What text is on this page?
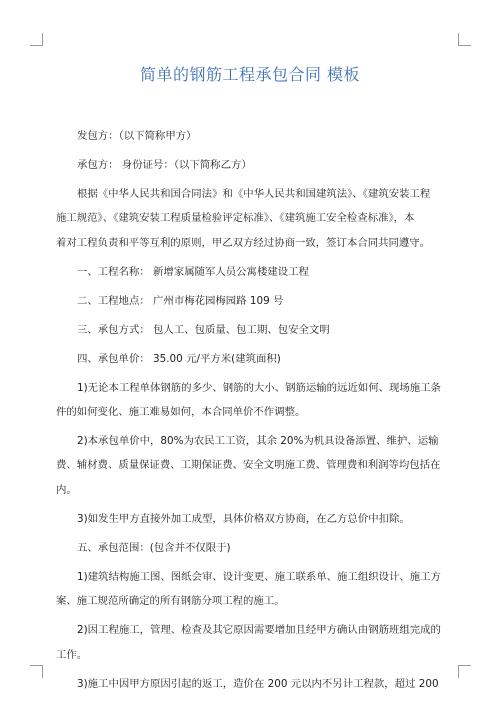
简单的钢筋工程承包合同 模板
发包方：（以下简称甲方）
承包方： 身份证号：（以下简称乙方）
根据《中华人民共和国合同法》和《中华人民共和国建筑法》、《建筑安装工程
施工规范》、《建筑安装工程质量检验评定标准》、《建筑施工安全检查标准》，本
着对工程负责和平等互利的原则，甲乙双方经过协商一致，签订本合同共同遵守。
一、工程名称： 新增家属随军人员公寓楼建设工程
二、工程地点： 广州市梅花园梅园路 109 号
三、承包方式： 包人工、包质量、包工期、包安全文明
四、承包单价： 35.00 元/平方米(建筑面积)
1)无论本工程单体钢筋的多少、钢筋的大小、钢筋运输的远近如何、现场施工条
件的如何变化、施工难易如何，本合同单价不作调整。
2)本承包单价中，80%为农民工工资，其余 20%为机具设备添置、维护、运输
费、辅材费、质量保证费、工期保证费、安全文明施工费、管理费和利润等均包括在
内。
3)如发生甲方直接外加工成型，具体价格双方协商，在乙方总价中扣除。
五、承包范围：(包含并不仅限于)
1)建筑结构施工图、图纸会审、设计变更、施工联系单、施工组织设计、施工方
案、施工规范所确定的所有钢筋分项工程的施工。
2)因工程施工，管理、检查及其它原因需要增加且经甲方确认由钢筋班组完成的
工作。
3)施工中因甲方原因引起的返工，造价在 200 元以内不另计工程款，超过 200
